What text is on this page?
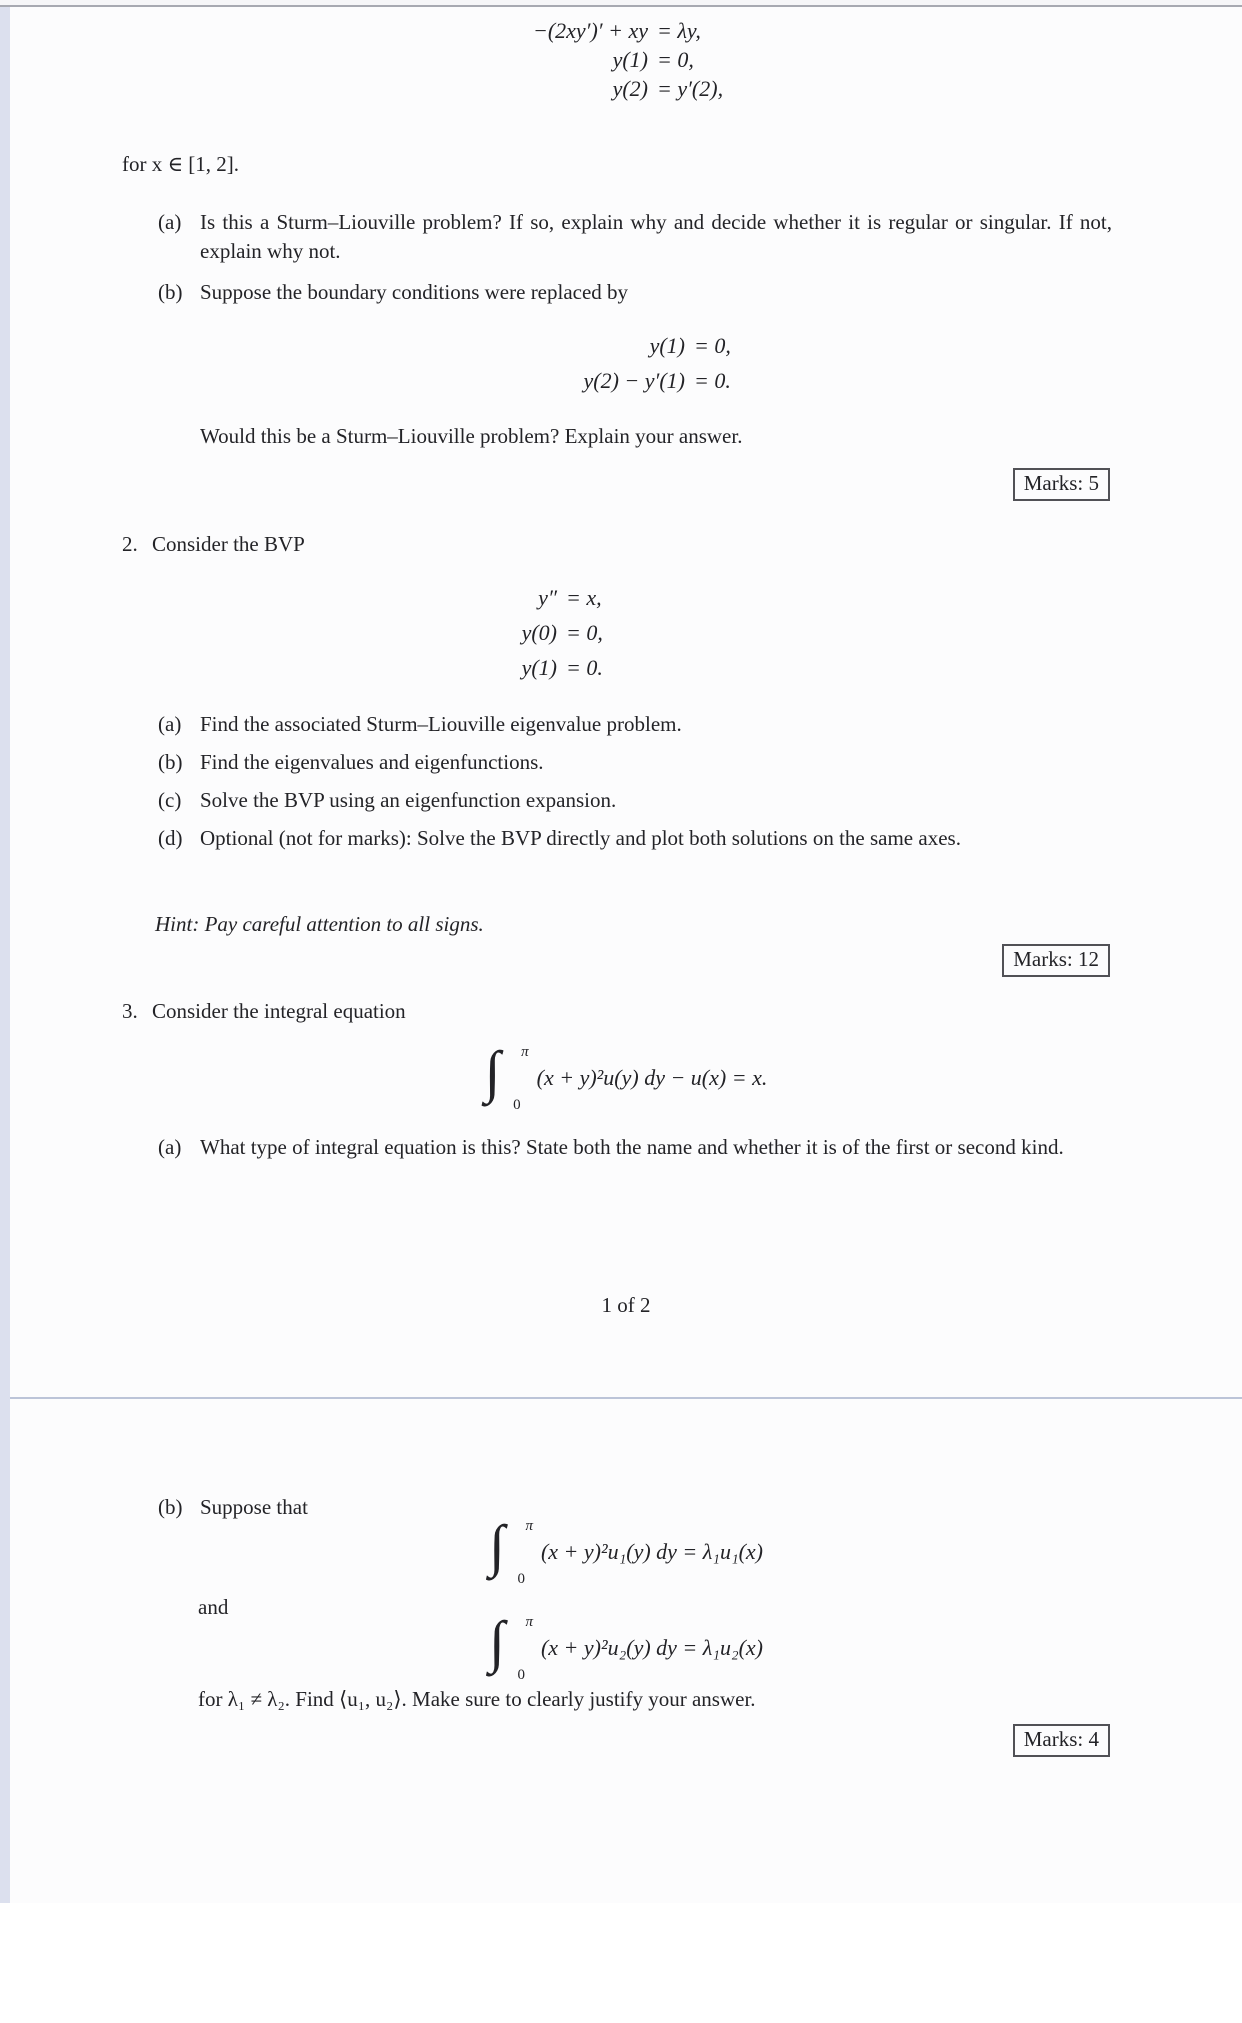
−(2xy′)′ + xy = λy,
y(1) = 0,
y(2) = y′(2),
for x ∈ [1, 2].
(a) Is this a Sturm–Liouville problem? If so, explain why and decide whether it is regular or singular. If not, explain why not.
(b) Suppose the boundary conditions were replaced by
y(1) = 0,
y(2) − y′(1) = 0.
Would this be a Sturm–Liouville problem? Explain your answer.
Marks: 5
2. Consider the BVP
y″ = x,
y(0) = 0,
y(1) = 0.
(a) Find the associated Sturm–Liouville eigenvalue problem.
(b) Find the eigenvalues and eigenfunctions.
(c) Solve the BVP using an eigenfunction expansion.
(d) Optional (not for marks): Solve the BVP directly and plot both solutions on the same axes.
Hint: Pay careful attention to all signs.
Marks: 12
3. Consider the integral equation
∫ π
0
(x + y)²u(y) dy − u(x) = x.
(a) What type of integral equation is this? State both the name and whether it is of the first or second kind.
1 of 2
(b) Suppose that
∫ π
0
(x + y)²u₁(y) dy = λ₁u₁(x)
and
∫ π
0
(x + y)²u₂(y) dy = λ₁u₂(x)
for λ₁ ≠ λ₂. Find ⟨u₁, u₂⟩. Make sure to clearly justify your answer.
Marks: 4
